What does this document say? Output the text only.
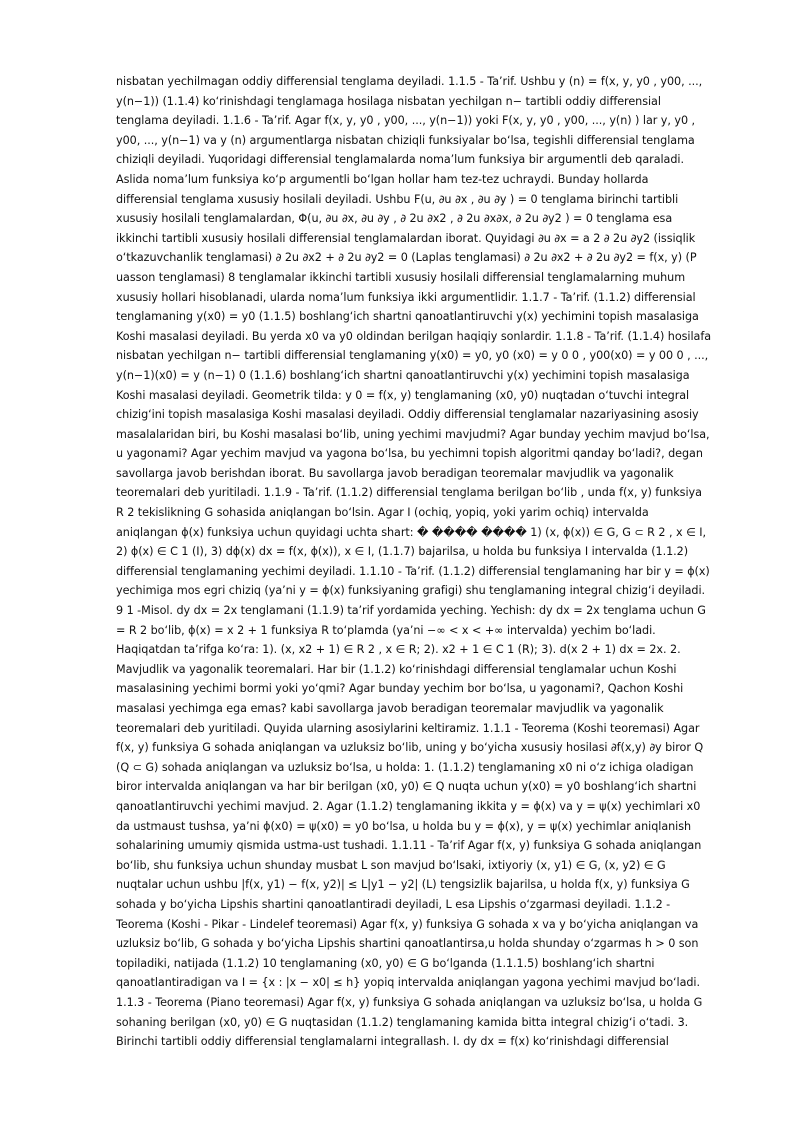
nisbatan yechilmagan oddiy differensial tenglama deyiladi. 1.1.5 - Ta’rif. Ushbu y (n) = f(x, y, y0 , y00, ..., y(n−1)) (1.1.4) ko‘rinishdagi tenglamaga hosilaga nisbatan yechilgan n− tartibli oddiy differensial tenglama deyiladi. 1.1.6 - Ta’rif. Agar f(x, y, y0 , y00, ..., y(n−1)) yoki F(x, y, y0 , y00, ..., y(n) ) lar y, y0 , y00, ..., y(n−1) va y (n) argumentlarga nisbatan chiziqli funksiyalar bo‘lsa, tegishli differensial tenglama chiziqli deyiladi. Yuqoridagi differensial tenglamalarda noma’lum funksiya bir argumentli deb qaraladi. Aslida noma’lum funksiya ko‘p argumentli bo‘lgan hollar ham tez-tez uchraydi. Bunday hollarda differensial tenglama xususiy hosilali deyiladi. Ushbu F(u, ∂u ∂x , ∂u ∂y ) = 0 tenglama birinchi tartibli xususiy hosilali tenglamalardan, Φ(u, ∂u ∂x, ∂u ∂y , ∂ 2u ∂x2 , ∂ 2u ∂x∂x, ∂ 2u ∂y2 ) = 0 tenglama esa ikkinchi tartibli xususiy hosilali differensial tenglamalardan iborat. Quyidagi ∂u ∂x = a 2 ∂ 2u ∂y2 (issiqlik o‘tkazuvchanlik tenglamasi) ∂ 2u ∂x2 + ∂ 2u ∂y2 = 0 (Laplas tenglamasi) ∂ 2u ∂x2 + ∂ 2u ∂y2 = f(x, y) (P uasson tenglamasi) 8 tenglamalar ikkinchi tartibli xususiy hosilali differensial tenglamalarning muhum xususiy hollari hisoblanadi, ularda noma’lum funksiya ikki argumentlidir. 1.1.7 - Ta’rif. (1.1.2) differensial tenglamaning y(x0) = y0 (1.1.5) boshlang‘ich shartni qanoatlantiruvchi y(x) yechimini topish masalasiga Koshi masalasi deyiladi. Bu yerda x0 va y0 oldindan berilgan haqiqiy sonlardir. 1.1.8 - Ta’rif. (1.1.4) hosilafa nisbatan yechilgan n− tartibli differensial tenglamaning y(x0) = y0, y0 (x0) = y 0 0 , y00(x0) = y 00 0 , ..., y(n−1)(x0) = y (n−1) 0 (1.1.6) boshlang‘ich shartni qanoatlantiruvchi y(x) yechimini topish masalasiga Koshi masalasi deyiladi. Geometrik tilda: y 0 = f(x, y) tenglamaning (x0, y0) nuqtadan o‘tuvchi integral chizig‘ini topish masalasiga Koshi masalasi deyiladi. Oddiy differensial tenglamalar nazariyasining asosiy masalalaridan biri, bu Koshi masalasi bo‘lib, uning yechimi mavjudmi? Agar bunday yechim mavjud bo‘lsa, u yagonami? Agar yechim mavjud va yagona bo‘lsa, bu yechimni topish algoritmi qanday bo‘ladi?, degan savollarga javob berishdan iborat. Bu savollarga javob beradigan teoremalar mavjudlik va yagonalik teoremalari deb yuritiladi. 1.1.9 - Ta’rif. (1.1.2) differensial tenglama berilgan bo‘lib , unda f(x, y) funksiya R 2 tekislikning G sohasida aniqlangan bo‘lsin. Agar I (ochiq, yopiq, yoki yarim ochiq) intervalda aniqlangan ϕ(x) funksiya uchun quyidagi uchta shart: � ���� ���� 1) (x, ϕ(x)) ∈ G, G ⊂ R 2 , x ∈ I, 2) ϕ(x) ∈ C 1 (I), 3) dϕ(x) dx = f(x, ϕ(x)), x ∈ I, (1.1.7) bajarilsa, u holda bu funksiya I intervalda (1.1.2) differensial tenglamaning yechimi deyiladi. 1.1.10 - Ta’rif. (1.1.2) differensial tenglamaning har bir y = ϕ(x) yechimiga mos egri chiziq (ya’ni y = ϕ(x) funksiyaning grafigi) shu tenglamaning integral chizig‘i deyiladi. 9 1 -Misol. dy dx = 2x tenglamani (1.1.9) ta’rif yordamida yeching. Yechish: dy dx = 2x tenglama uchun G = R 2 bo‘lib, ϕ(x) = x 2 + 1 funksiya R to‘plamda (ya’ni −∞ < x < +∞ intervalda) yechim bo‘ladi. Haqiqatdan ta’rifga ko‘ra: 1). (x, x2 + 1) ∈ R 2 , x ∈ R; 2). x2 + 1 ∈ C 1 (R); 3). d(x 2 + 1) dx = 2x. 2. Mavjudlik va yagonalik teoremalari. Har bir (1.1.2) ko‘rinishdagi differensial tenglamalar uchun Koshi masalasining yechimi bormi yoki yo‘qmi? Agar bunday yechim bor bo‘lsa, u yagonami?, Qachon Koshi masalasi yechimga ega emas? kabi savollarga javob beradigan teoremalar mavjudlik va yagonalik teoremalari deb yuritiladi. Quyida ularning asosiylarini keltiramiz. 1.1.1 - Teorema (Koshi teoremasi) Agar f(x, y) funksiya G sohada aniqlangan va uzluksiz bo‘lib, uning y bo‘yicha xususiy hosilasi ∂f(x,y) ∂y biror Q (Q ⊂ G) sohada aniqlangan va uzluksiz bo‘lsa, u holda: 1. (1.1.2) tenglamaning x0 ni o‘z ichiga oladigan biror intervalda aniqlangan va har bir berilgan (x0, y0) ∈ Q nuqta uchun y(x0) = y0 boshlang‘ich shartni qanoatlantiruvchi yechimi mavjud. 2. Agar (1.1.2) tenglamaning ikkita y = ϕ(x) va y = ψ(x) yechimlari x0 da ustmaust tushsa, ya’ni ϕ(x0) = ψ(x0) = y0 bo‘lsa, u holda bu y = ϕ(x), y = ψ(x) yechimlar aniqlanish sohalarining umumiy qismida ustma-ust tushadi. 1.1.11 - Ta’rif Agar f(x, y) funksiya G sohada aniqlangan bo‘lib, shu funksiya uchun shunday musbat L son mavjud bo‘lsaki, ixtiyoriy (x, y1) ∈ G, (x, y2) ∈ G nuqtalar uchun ushbu |f(x, y1) − f(x, y2)| ≤ L|y1 − y2| (L) tengsizlik bajarilsa, u holda f(x, y) funksiya G sohada y bo‘yicha Lipshis shartini qanoatlantiradi deyiladi, L esa Lipshis o‘zgarmasi deyiladi. 1.1.2 - Teorema (Koshi - Pikar - Lindelef teoremasi) Agar f(x, y) funksiya G sohada x va y bo‘yicha aniqlangan va uzluksiz bo‘lib, G sohada y bo‘yicha Lipshis shartini qanoatlantirsa,u holda shunday o‘zgarmas h > 0 son topiladiki, natijada (1.1.2) 10 tenglamaning (x0, y0) ∈ G bo‘lganda (1.1.1.5) boshlang‘ich shartni qanoatlantiradigan va I = {x : |x − x0| ≤ h} yopiq intervalda aniqlangan yagona yechimi mavjud bo‘ladi. 1.1.3 - Teorema (Piano teoremasi) Agar f(x, y) funksiya G sohada aniqlangan va uzluksiz bo‘lsa, u holda G sohaning berilgan (x0, y0) ∈ G nuqtasidan (1.1.2) tenglamaning kamida bitta integral chizig‘i o‘tadi. 3. Birinchi tartibli oddiy differensial tenglamalarni integrallash. I. dy dx = f(x) ko‘rinishdagi differensial
